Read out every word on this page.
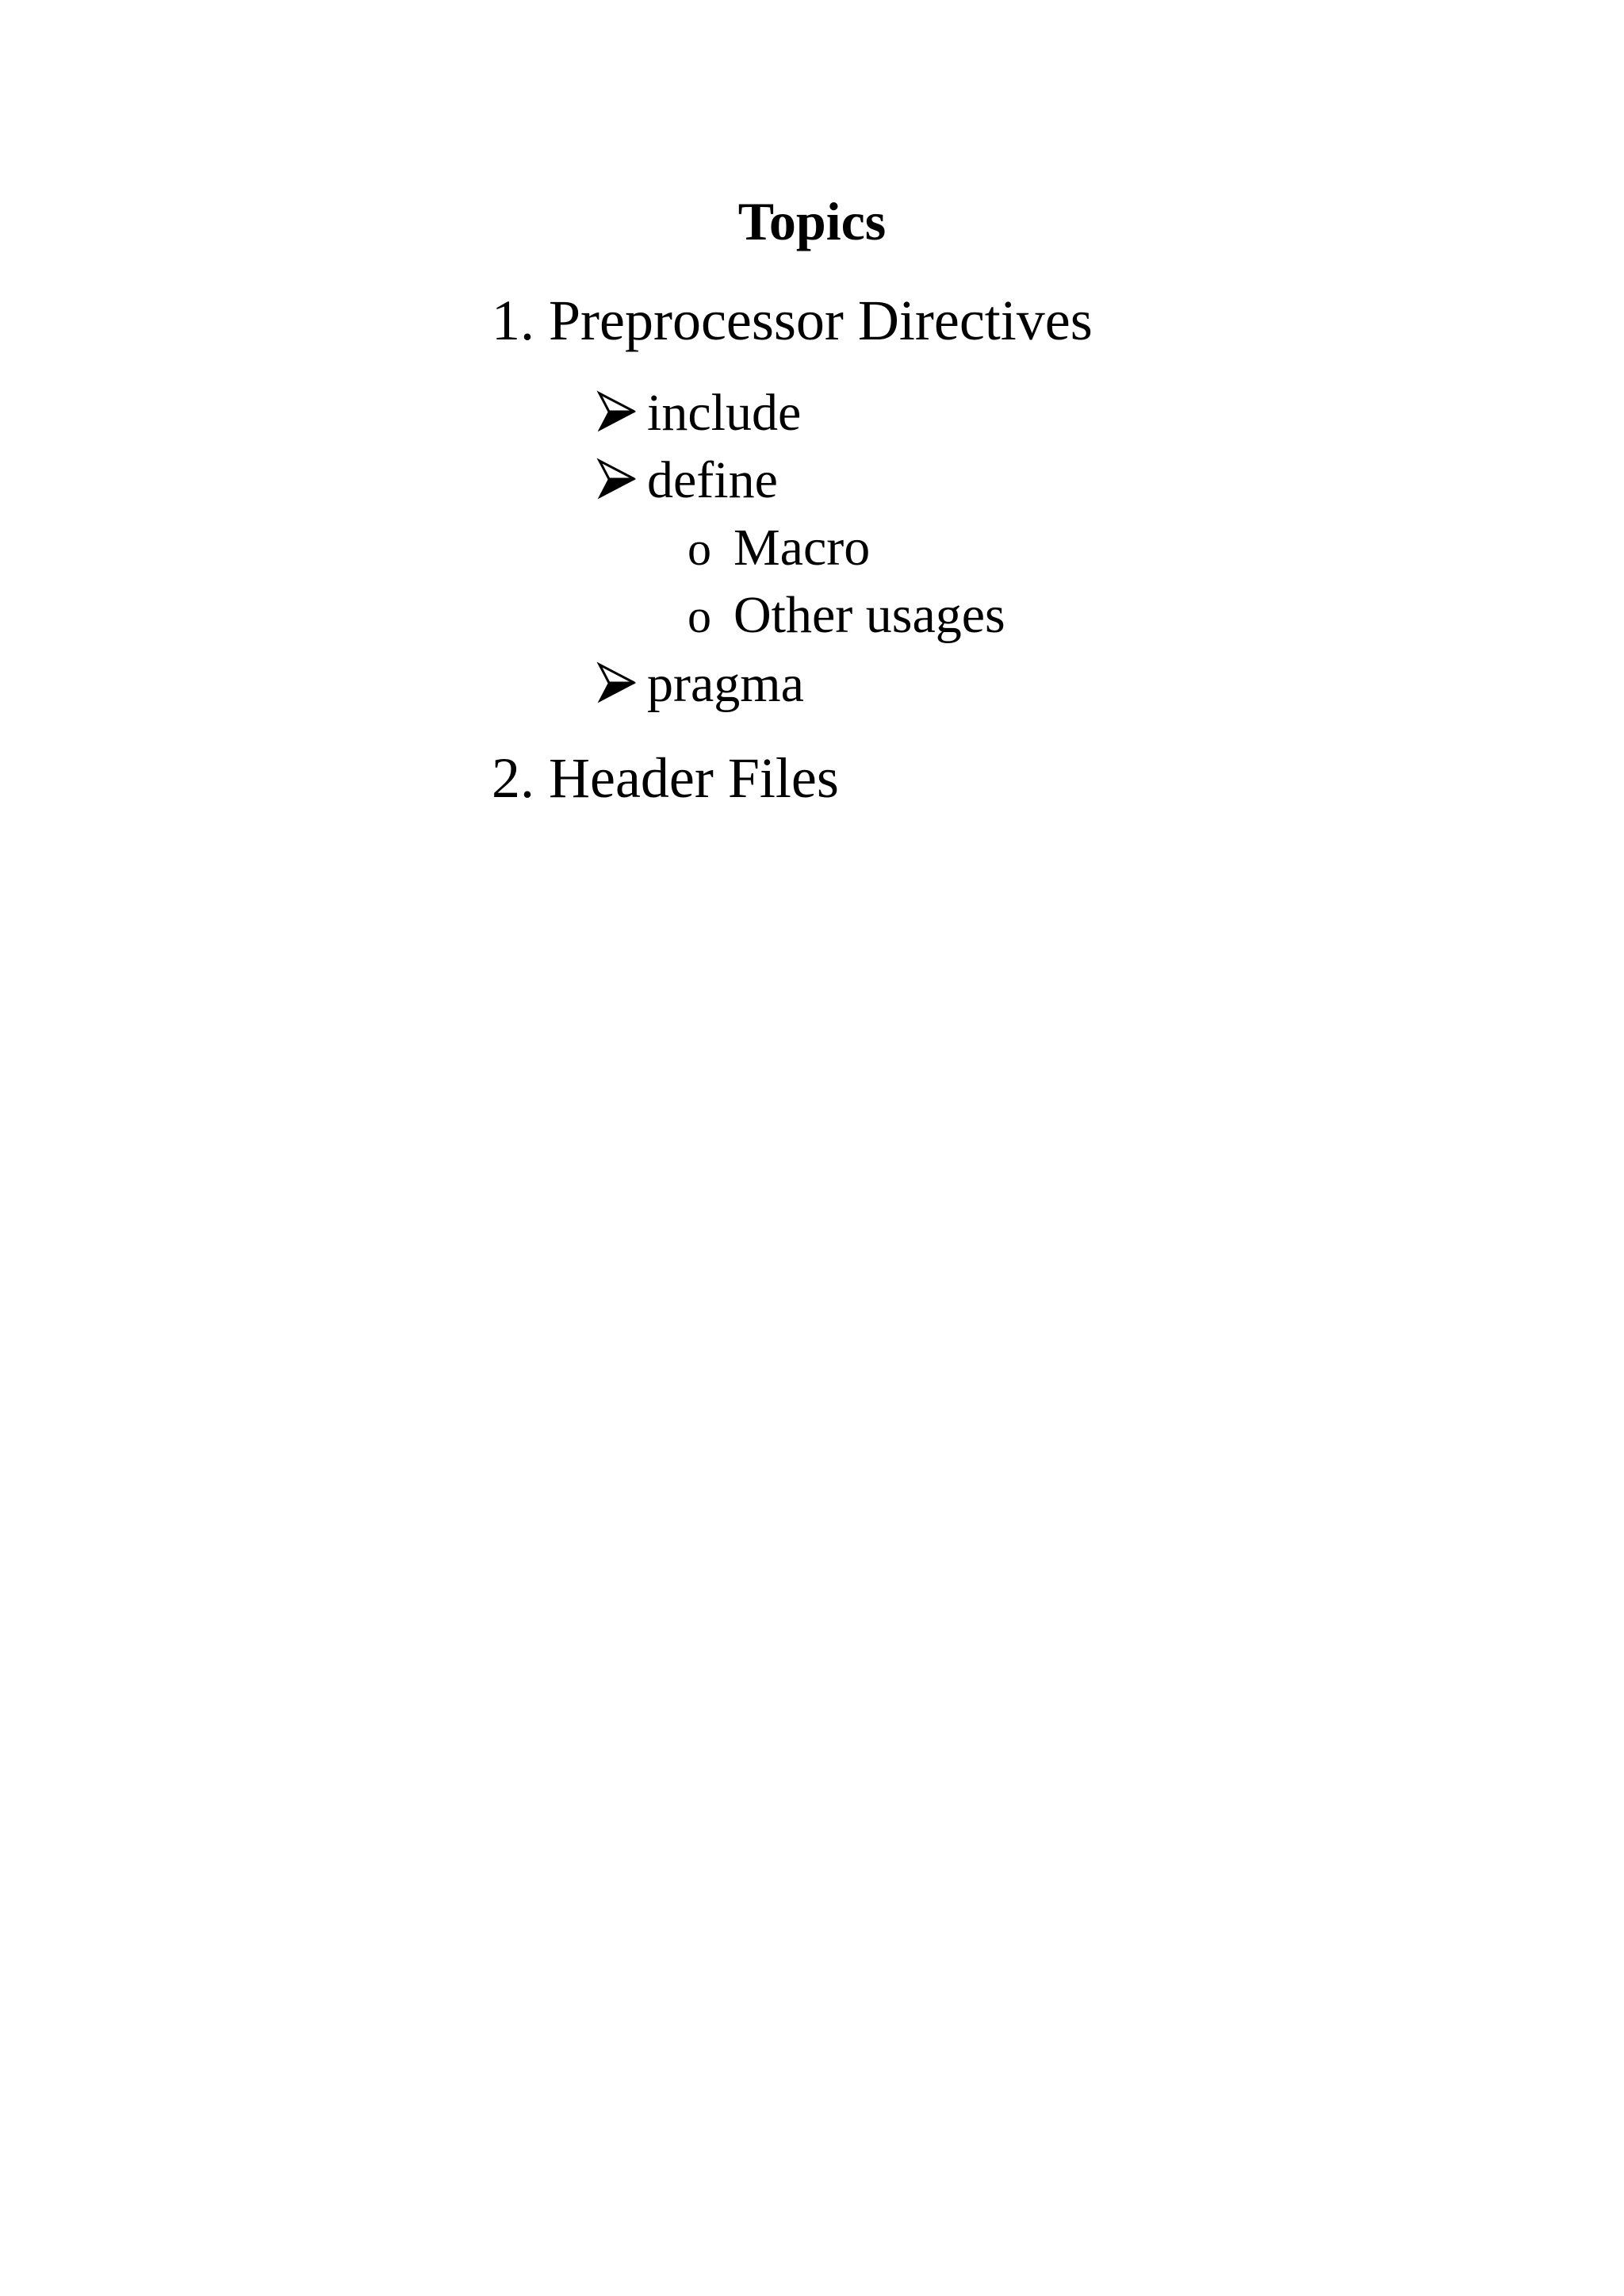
Topics
1. Preprocessor Directives
include
define
o Macro
o Other usages
pragma
2. Header Files
